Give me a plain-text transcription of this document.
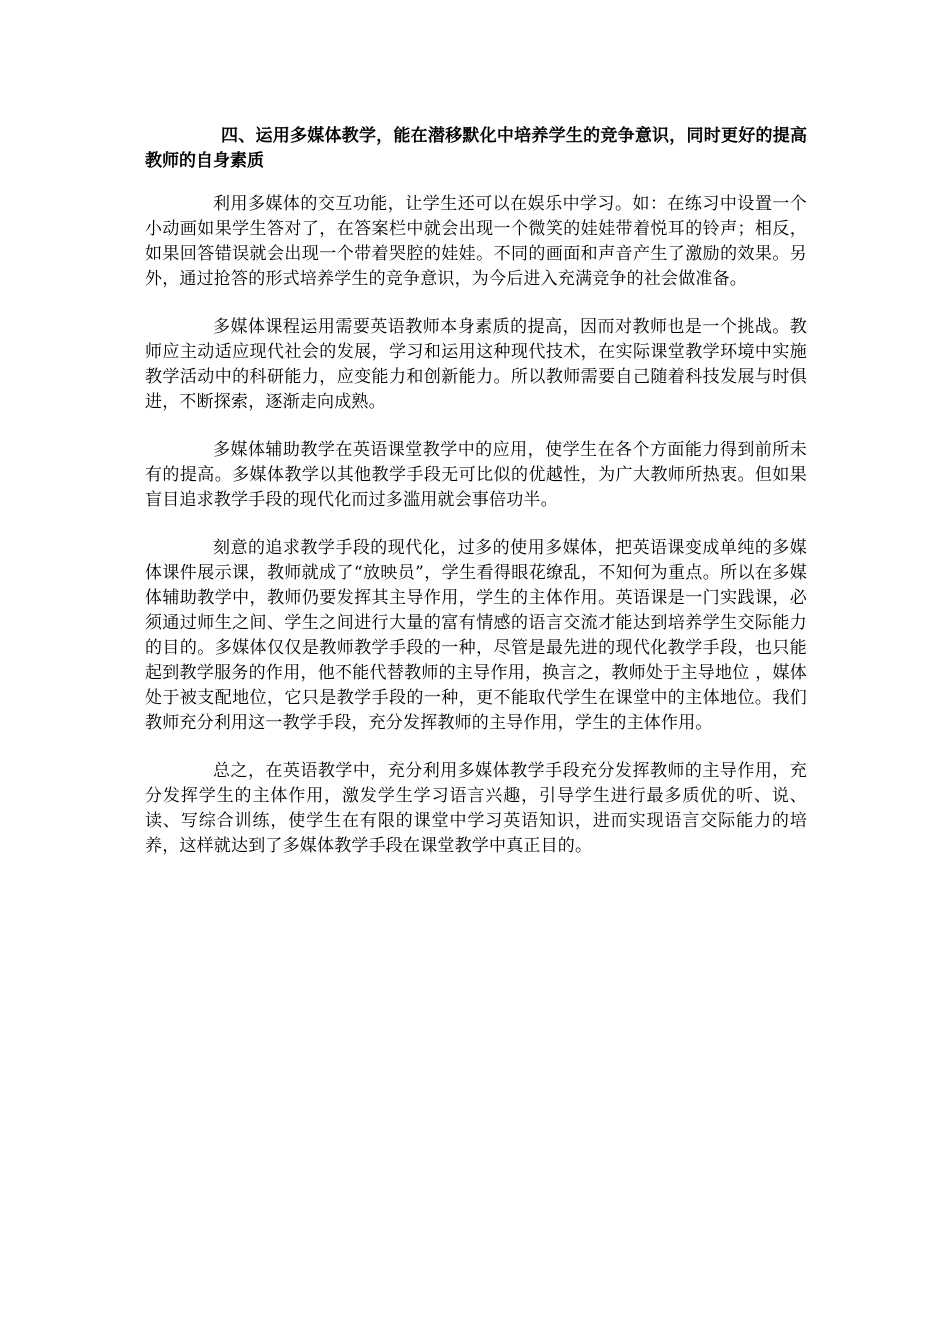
四、运用多媒体教学，能在潜移默化中培养学生的竞争意识，同时更好的提高教师的自身素质

利用多媒体的交互功能，让学生还可以在娱乐中学习。如：在练习中设置一个小动画如果学生答对了，在答案栏中就会出现一个微笑的娃娃带着悦耳的铃声；相反，如果回答错误就会出现一个带着哭腔的娃娃。不同的画面和声音产生了激励的效果。另外，通过抢答的形式培养学生的竞争意识，为今后进入充满竞争的社会做准备。

多媒体课程运用需要英语教师本身素质的提高，因而对教师也是一个挑战。教师应主动适应现代社会的发展，学习和运用这种现代技术，在实际课堂教学环境中实施教学活动中的科研能力，应变能力和创新能力。所以教师需要自己随着科技发展与时俱进，不断探索，逐渐走向成熟。

多媒体辅助教学在英语课堂教学中的应用，使学生在各个方面能力得到前所未有的提高。多媒体教学以其他教学手段无可比似的优越性，为广大教师所热衷。但如果盲目追求教学手段的现代化而过多滥用就会事倍功半。

刻意的追求教学手段的现代化，过多的使用多媒体，把英语课变成单纯的多媒体课件展示课，教师就成了“放映员”，学生看得眼花缭乱，不知何为重点。所以在多媒体辅助教学中，教师仍要发挥其主导作用，学生的主体作用。英语课是一门实践课，必须通过师生之间、学生之间进行大量的富有情感的语言交流才能达到培养学生交际能力的目的。多媒体仅仅是教师教学手段的一种，尽管是最先进的现代化教学手段，也只能起到教学服务的作用，他不能代替教师的主导作用，换言之，教师处于主导地位 ，媒体处于被支配地位，它只是教学手段的一种，更不能取代学生在课堂中的主体地位。我们教师充分利用这一教学手段，充分发挥教师的主导作用，学生的主体作用。

总之，在英语教学中，充分利用多媒体教学手段充分发挥教师的主导作用，充分发挥学生的主体作用，激发学生学习语言兴趣，引导学生进行最多质优的听、说、读、写综合训练，使学生在有限的课堂中学习英语知识，进而实现语言交际能力的培养，这样就达到了多媒体教学手段在课堂教学中真正目的。
